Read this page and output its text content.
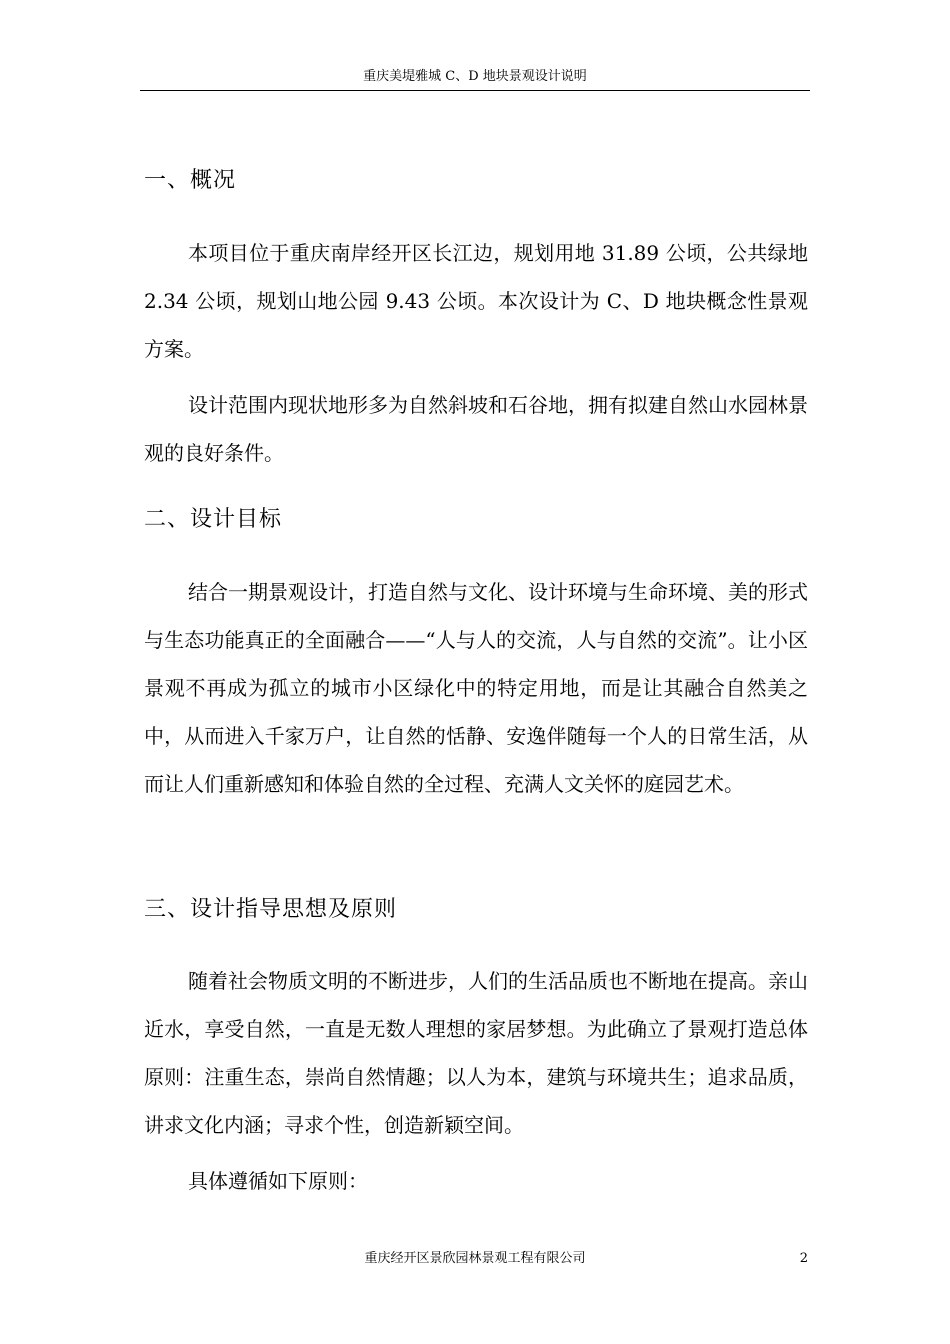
重庆美堤雅城 C、D 地块景观设计说明
一、概况

本项目位于重庆南岸经开区长江边，规划用地 31.89 公顷，公共绿地 2.34 公顷，规划山地公园 9.43 公顷。本次设计为 C、D 地块概念性景观方案。

设计范围内现状地形多为自然斜坡和石谷地，拥有拟建自然山水园林景观的良好条件。

二、设计目标

结合一期景观设计，打造自然与文化、设计环境与生命环境、美的形式与生态功能真正的全面融合——“人与人的交流，人与自然的交流”。让小区景观不再成为孤立的城市小区绿化中的特定用地，而是让其融合自然美之中，从而进入千家万户，让自然的恬静、安逸伴随每一个人的日常生活，从而让人们重新感知和体验自然的全过程、充满人文关怀的庭园艺术。

三、设计指导思想及原则

随着社会物质文明的不断进步，人们的生活品质也不断地在提高。亲山近水，享受自然，一直是无数人理想的家居梦想。为此确立了景观打造总体原则：注重生态，崇尚自然情趣；以人为本，建筑与环境共生；追求品质，讲求文化内涵；寻求个性，创造新颖空间。

具体遵循如下原则：

重庆经开区景欣园林景观工程有限公司	2
